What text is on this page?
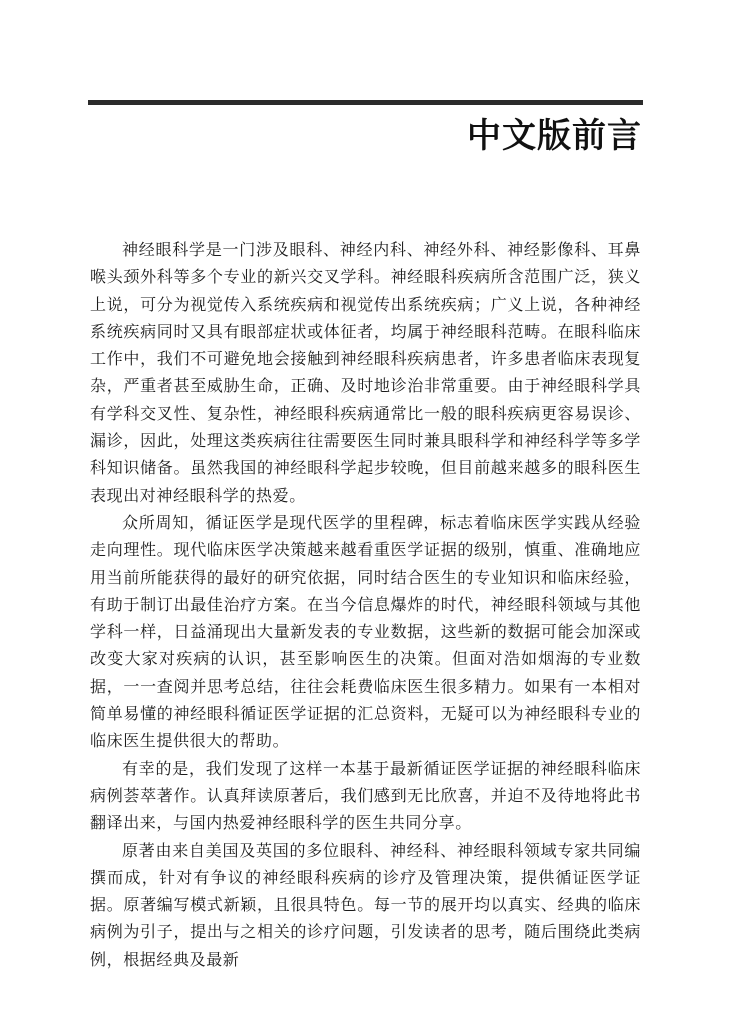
中文版前言

神经眼科学是一门涉及眼科、神经内科、神经外科、神经影像科、耳鼻喉头颈外科等多个专业的新兴交叉学科。神经眼科疾病所含范围广泛，狭义上说，可分为视觉传入系统疾病和视觉传出系统疾病；广义上说，各种神经系统疾病同时又具有眼部症状或体征者，均属于神经眼科范畴。在眼科临床工作中，我们不可避免地会接触到神经眼科疾病患者，许多患者临床表现复杂，严重者甚至威胁生命，正确、及时地诊治非常重要。由于神经眼科学具有学科交叉性、复杂性，神经眼科疾病通常比一般的眼科疾病更容易误诊、漏诊，因此，处理这类疾病往往需要医生同时兼具眼科学和神经科学等多学科知识储备。虽然我国的神经眼科学起步较晚，但目前越来越多的眼科医生表现出对神经眼科学的热爱。

众所周知，循证医学是现代医学的里程碑，标志着临床医学实践从经验走向理性。现代临床医学决策越来越看重医学证据的级别，慎重、准确地应用当前所能获得的最好的研究依据，同时结合医生的专业知识和临床经验，有助于制订出最佳治疗方案。在当今信息爆炸的时代，神经眼科领域与其他学科一样，日益涌现出大量新发表的专业数据，这些新的数据可能会加深或改变大家对疾病的认识，甚至影响医生的决策。但面对浩如烟海的专业数据，一一查阅并思考总结，往往会耗费临床医生很多精力。如果有一本相对简单易懂的神经眼科循证医学证据的汇总资料，无疑可以为神经眼科专业的临床医生提供很大的帮助。

有幸的是，我们发现了这样一本基于最新循证医学证据的神经眼科临床病例荟萃著作。认真拜读原著后，我们感到无比欣喜，并迫不及待地将此书翻译出来，与国内热爱神经眼科学的医生共同分享。

原著由来自美国及英国的多位眼科、神经科、神经眼科领域专家共同编撰而成，针对有争议的神经眼科疾病的诊疗及管理决策，提供循证医学证据。原著编写模式新颖，且很具特色。每一节的展开均以真实、经典的临床病例为引子，提出与之相关的诊疗问题，引发读者的思考，随后围绕此类病例，根据经典及最新
